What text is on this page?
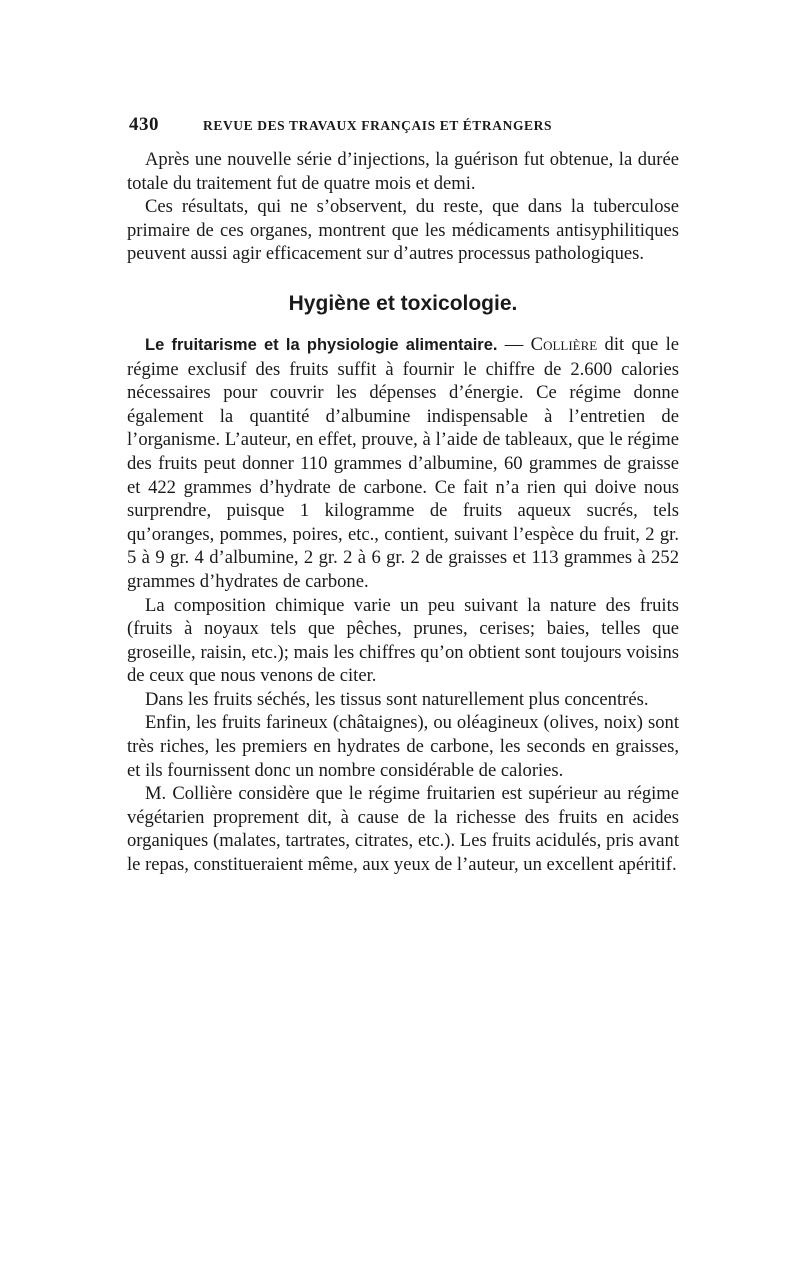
430	REVUE DES TRAVAUX FRANÇAIS ET ÉTRANGERS

Après une nouvelle série d’injections, la guérison fut obtenue, la durée totale du traitement fut de quatre mois et demi.

Ces résultats, qui ne s’observent, du reste, que dans la tuberculose primaire de ces organes, montrent que les médicaments antisyphilitiques peuvent aussi agir efficacement sur d’autres processus pathologiques.

Hygiène et toxicologie.

Le fruitarisme et la physiologie alimentaire. — Collière dit que le régime exclusif des fruits suffit à fournir le chiffre de 2.600 calories nécessaires pour couvrir les dépenses d’énergie. Ce régime donne également la quantité d’albumine indispensable à l’entretien de l’organisme. L’auteur, en effet, prouve, à l’aide de tableaux, que le régime des fruits peut donner 110 grammes d’albumine, 60 grammes de graisse et 422 grammes d’hydrate de carbone. Ce fait n’a rien qui doive nous surprendre, puisque 1 kilogramme de fruits aqueux sucrés, tels qu’oranges, pommes, poires, etc., contient, suivant l’espèce du fruit, 2 gr. 5 à 9 gr. 4 d’albumine, 2 gr. 2 à 6 gr. 2 de graisses et 113 grammes à 252 grammes d’hydrates de carbone.

La composition chimique varie un peu suivant la nature des fruits (fruits à noyaux tels que pêches, prunes, cerises; baies, telles que groseille, raisin, etc.); mais les chiffres qu’on obtient sont toujours voisins de ceux que nous venons de citer.

Dans les fruits séchés, les tissus sont naturellement plus concentrés.

Enfin, les fruits farineux (châtaignes), ou oléagineux (olives, noix) sont très riches, les premiers en hydrates de carbone, les seconds en graisses, et ils fournissent donc un nombre considérable de calories.

M. Collière considère que le régime fruitarien est supérieur au régime végétarien proprement dit, à cause de la richesse des fruits en acides organiques (malates, tartrates, citrates, etc.). Les fruits acidulés, pris avant le repas, constitueraient même, aux yeux de l’auteur, un excellent apéritif.
